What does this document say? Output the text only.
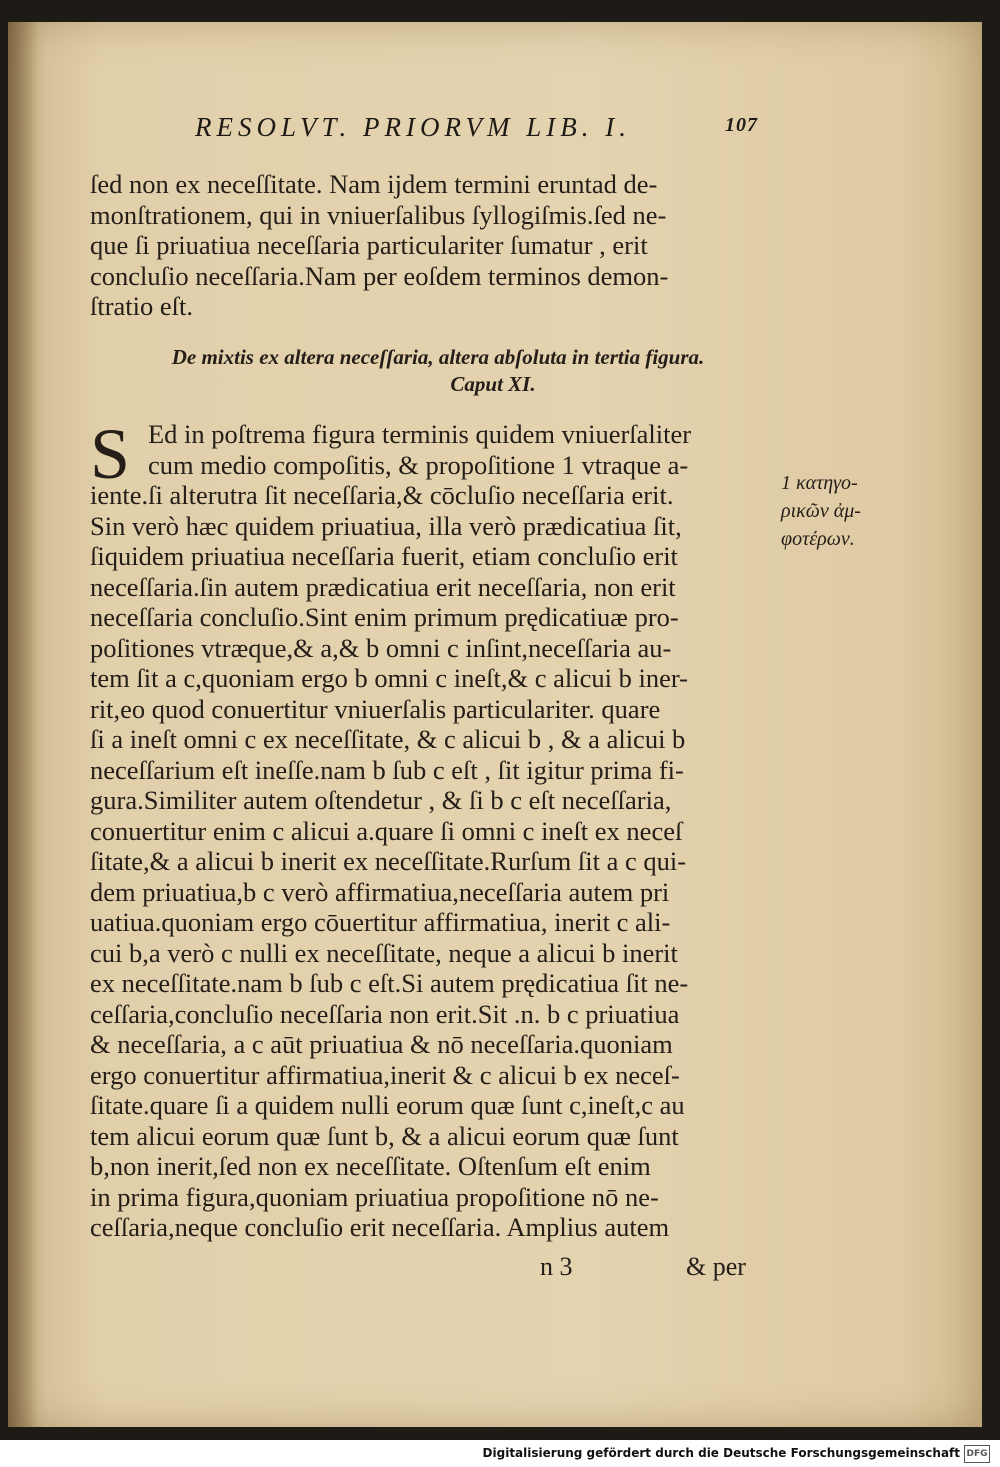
RESOLVT. PRIORVM LIB. I.	107
ſed non ex neceſſitate. Nam ijdem termini eruntad de-
monſtrationem, qui in vniuerſalibus ſyllogiſmis.ſed ne-
que ſi priuatiua neceſſaria particulariter ſumatur , erit
concluſio neceſſaria.Nam per eoſdem terminos demon-
ſtratio eſt.
De mixtis ex altera neceſſaria, altera abſoluta in tertia figura.
Caput XI.
S Ed in poſtrema figura terminis quidem vniuerſaliter
cum medio compoſitis, & propoſitione 1 vtraque a-
iente.ſi alterutra ſit neceſſaria,& cōcluſio neceſſaria erit.
Sin verò hæc quidem priuatiua, illa verò prædicatiua ſit,
ſiquidem priuatiua neceſſaria fuerit, etiam concluſio erit
neceſſaria.ſin autem prædicatiua erit neceſſaria, non erit
neceſſaria concluſio.Sint enim primum prędicatiuæ pro-
poſitiones vtræque,& a,& b omni c inſint,neceſſaria au-
tem ſit a c,quoniam ergo b omni c ineſt,& c alicui b iner-
rit,eo quod conuertitur vniuerſalis particulariter. quare
ſi a ineſt omni c ex neceſſitate, & c alicui b , & a alicui b
neceſſarium eſt ineſſe.nam b ſub c eſt , ſit igitur prima fi-
gura.Similiter autem oſtendetur , & ſi b c eſt neceſſaria,
conuertitur enim c alicui a.quare ſi omni c ineſt ex neceſ
ſitate,& a alicui b inerit ex neceſſitate.Rurſum ſit a c qui-
dem priuatiua,b c verò affirmatiua,neceſſaria autem pri
uatiua.quoniam ergo cōuertitur affirmatiua, inerit c ali-
cui b,a verò c nulli ex neceſſitate, neque a alicui b inerit
ex neceſſitate.nam b ſub c eſt.Si autem prędicatiua ſit ne-
ceſſaria,concluſio neceſſaria non erit.Sit .n. b c priuatiua
& neceſſaria, a c aūt priuatiua & nō neceſſaria.quoniam
ergo conuertitur affirmatiua,inerit & c alicui b ex neceſ-
ſitate.quare ſi a quidem nulli eorum quæ ſunt c,ineſt,c au
tem alicui eorum quæ ſunt b, & a alicui eorum quæ ſunt
b,non inerit,ſed non ex neceſſitate. Oſtenſum eſt enim
in prima figura,quoniam priuatiua propoſitione nō ne-
ceſſaria,neque concluſio erit neceſſaria. Amplius autem
1 κατηγο-
ρικῶν ἀμ-
φοτέρων.
n 3	& per
Digitalisierung gefördert durch die Deutsche Forschungsgemeinschaft DFG
